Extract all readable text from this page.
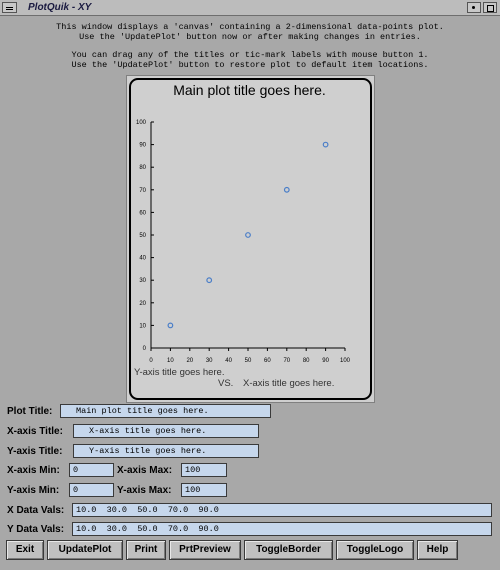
PlotQuik - XY
This window displays a 'canvas' containing a 2-dimensional data-points plot.
Use the 'UpdatePlot' button now or after making changes in entries.
You can drag any of the titles or tic-mark labels with mouse button 1.
Use the 'UpdatePlot' button to restore plot to default item locations.
Main plot title goes here.
0 10 20 30 40 50 60 70 80 90 100
0
10
20
30
40
50
60
70
80
90
100
Y-axis title goes here.
VS. X-axis title goes here.
Plot Title:	Main plot title goes here.
X-axis Title:	X-axis title goes here.
Y-axis Title:	Y-axis title goes here.
X-axis Min:	0	X-axis Max:	100
Y-axis Min:	0	Y-axis Max:	100
X Data Vals:	10.0  30.0  50.0  70.0  90.0
Y Data Vals:	10.0  30.0  50.0  70.0  90.0
Exit	UpdatePlot	Print	PrtPreview	ToggleBorder	ToggleLogo	Help
